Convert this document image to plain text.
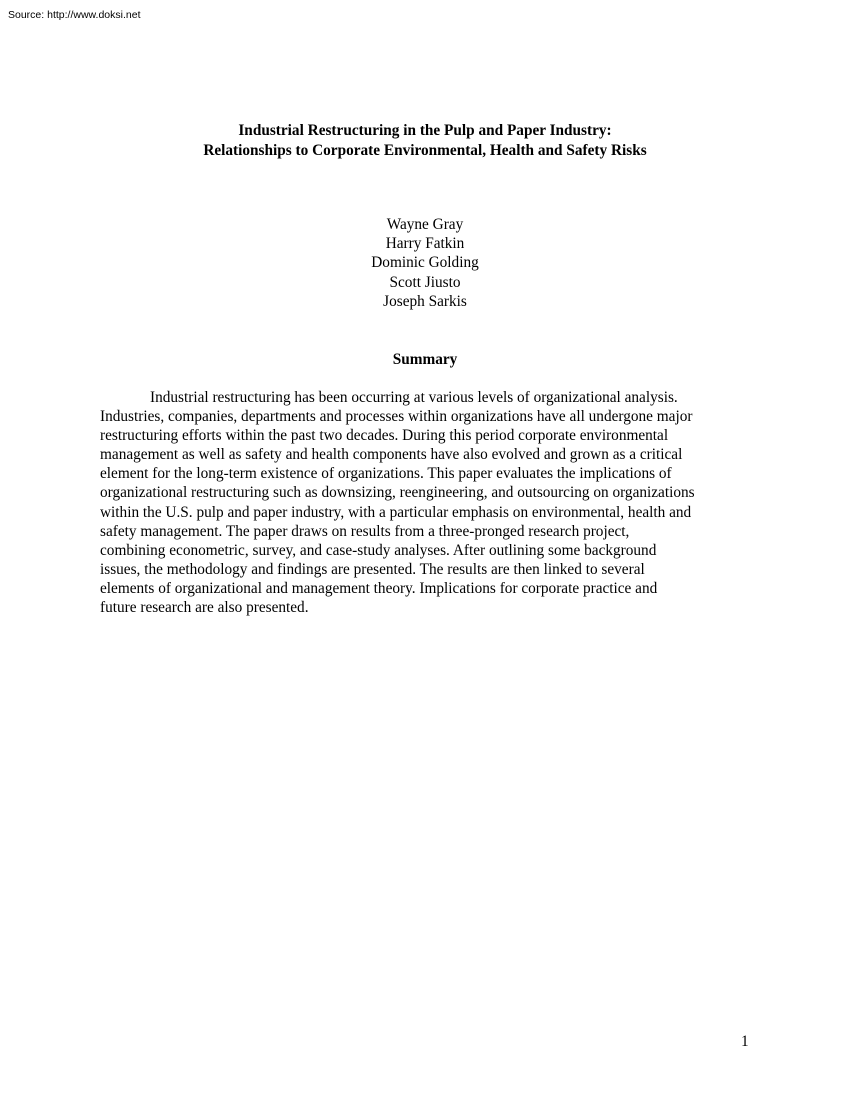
Source: http://www.doksi.net
Industrial Restructuring in the Pulp and Paper Industry:
Relationships to Corporate Environmental, Health and Safety Risks
Wayne Gray
Harry Fatkin
Dominic Golding
Scott Jiusto
Joseph Sarkis
Summary
Industrial restructuring has been occurring at various levels of organizational analysis.
Industries, companies, departments and processes within organizations have all undergone major
restructuring efforts within the past two decades. During this period corporate environmental
management as well as safety and health components have also evolved and grown as a critical
element for the long-term existence of organizations. This paper evaluates the implications of
organizational restructuring such as downsizing, reengineering, and outsourcing on organizations
within the U.S. pulp and paper industry, with a particular emphasis on environmental, health and
safety management. The paper draws on results from a three-pronged research project,
combining econometric, survey, and case-study analyses. After outlining some background
issues, the methodology and findings are presented. The results are then linked to several
elements of organizational and management theory. Implications for corporate practice and
future research are also presented.
1
